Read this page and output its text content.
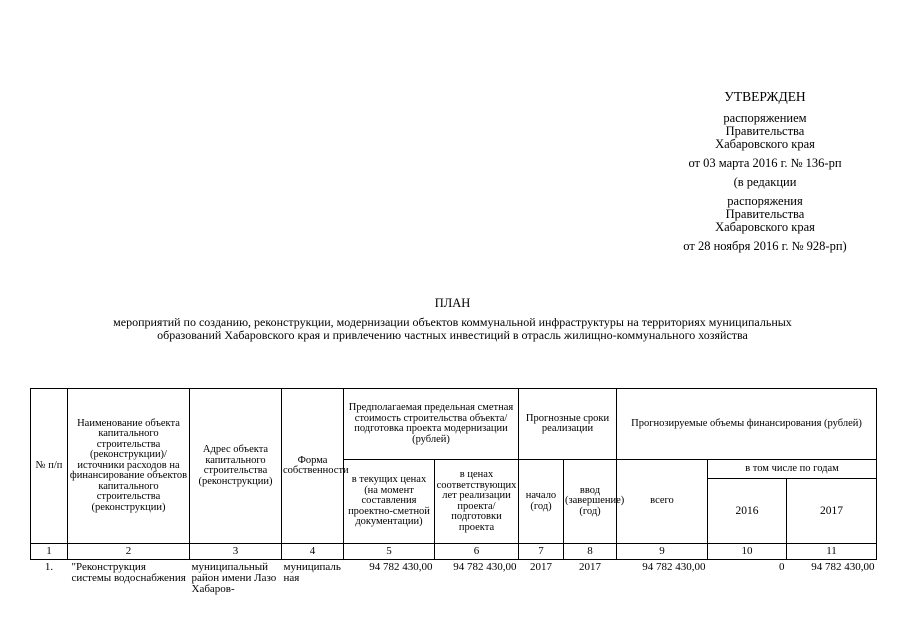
УТВЕРЖДЕН
распоряжением
Правительства
Хабаровского края
от 03 марта 2016 г. № 136-рп
(в редакции
распоряжения
Правительства
Хабаровского края
от 28 ноября 2016 г. № 928-рп)
ПЛАН
мероприятий по созданию, реконструкции, модернизации объектов коммунальной инфраструктуры на территориях муниципальных образований Хабаровского края и привлечению частных инвестиций в отрасль жилищно-коммунального хозяйства
№ п/п	Наименование объекта капитального строительства (реконструкции)/ источники расходов на финансирование объектов капитального строительства (реконструкции)	Адрес объекта капитального строительства (реконструкции)	Форма собственности	Предполагаемая предельная сметная стоимость строительства объекта/ подготовка проекта модернизации (рублей)		Прогнозные сроки реализации		Прогнозируемые объемы финансирования (рублей)		
				в текущих ценах (на момент составления проектно-сметной документации)	в ценах соответствующих лет реализации проекта/ подготовки проекта	начало (год)	ввод (завершение) (год)	всего	в том числе по годам	
									2016	2017
1	2	3	4	5	6	7	8	9	10	11
1.	"Реконструкция системы водоснабжения	муниципальный район имени Лазо Хабаров-	муниципальная	94 782 430,00	94 782 430,00	2017	2017	94 782 430,00	0	94 782 430,00
